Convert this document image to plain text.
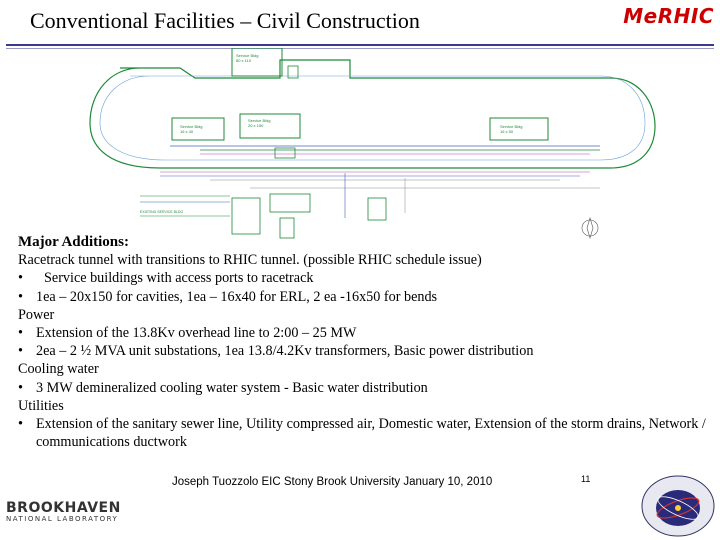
Conventional Facilities – Civil Construction	MeRHIC
Service Bldg
80 x 110
Service Bldg
16 x 40
Service Bldg
20 x 150	Service Bldg
16 x 50
EXISTING SERVICE BLDG
Major Additions:
Racetrack tunnel with transitions to RHIC tunnel. (possible RHIC schedule issue)
• Service buildings with access ports to racetrack
• 1ea – 20x150 for cavities, 1ea – 16x40 for ERL, 2 ea -16x50 for bends
Power
• Extension of the 13.8Kv overhead line to 2:00 – 25 MW
• 2ea – 2 ½ MVA unit substations, 1ea 13.8/4.2Kv transformers, Basic power distribution
Cooling water
• 3 MW demineralized cooling water system - Basic water distribution
Utilities
• Extension of the sanitary sewer line, Utility compressed air, Domestic water, Extension of the storm drains, Network / communications ductwork
Joseph Tuozzolo EIC Stony Brook University January 10, 2010	11
BROOKHAVEN
NATIONAL LABORATORY
